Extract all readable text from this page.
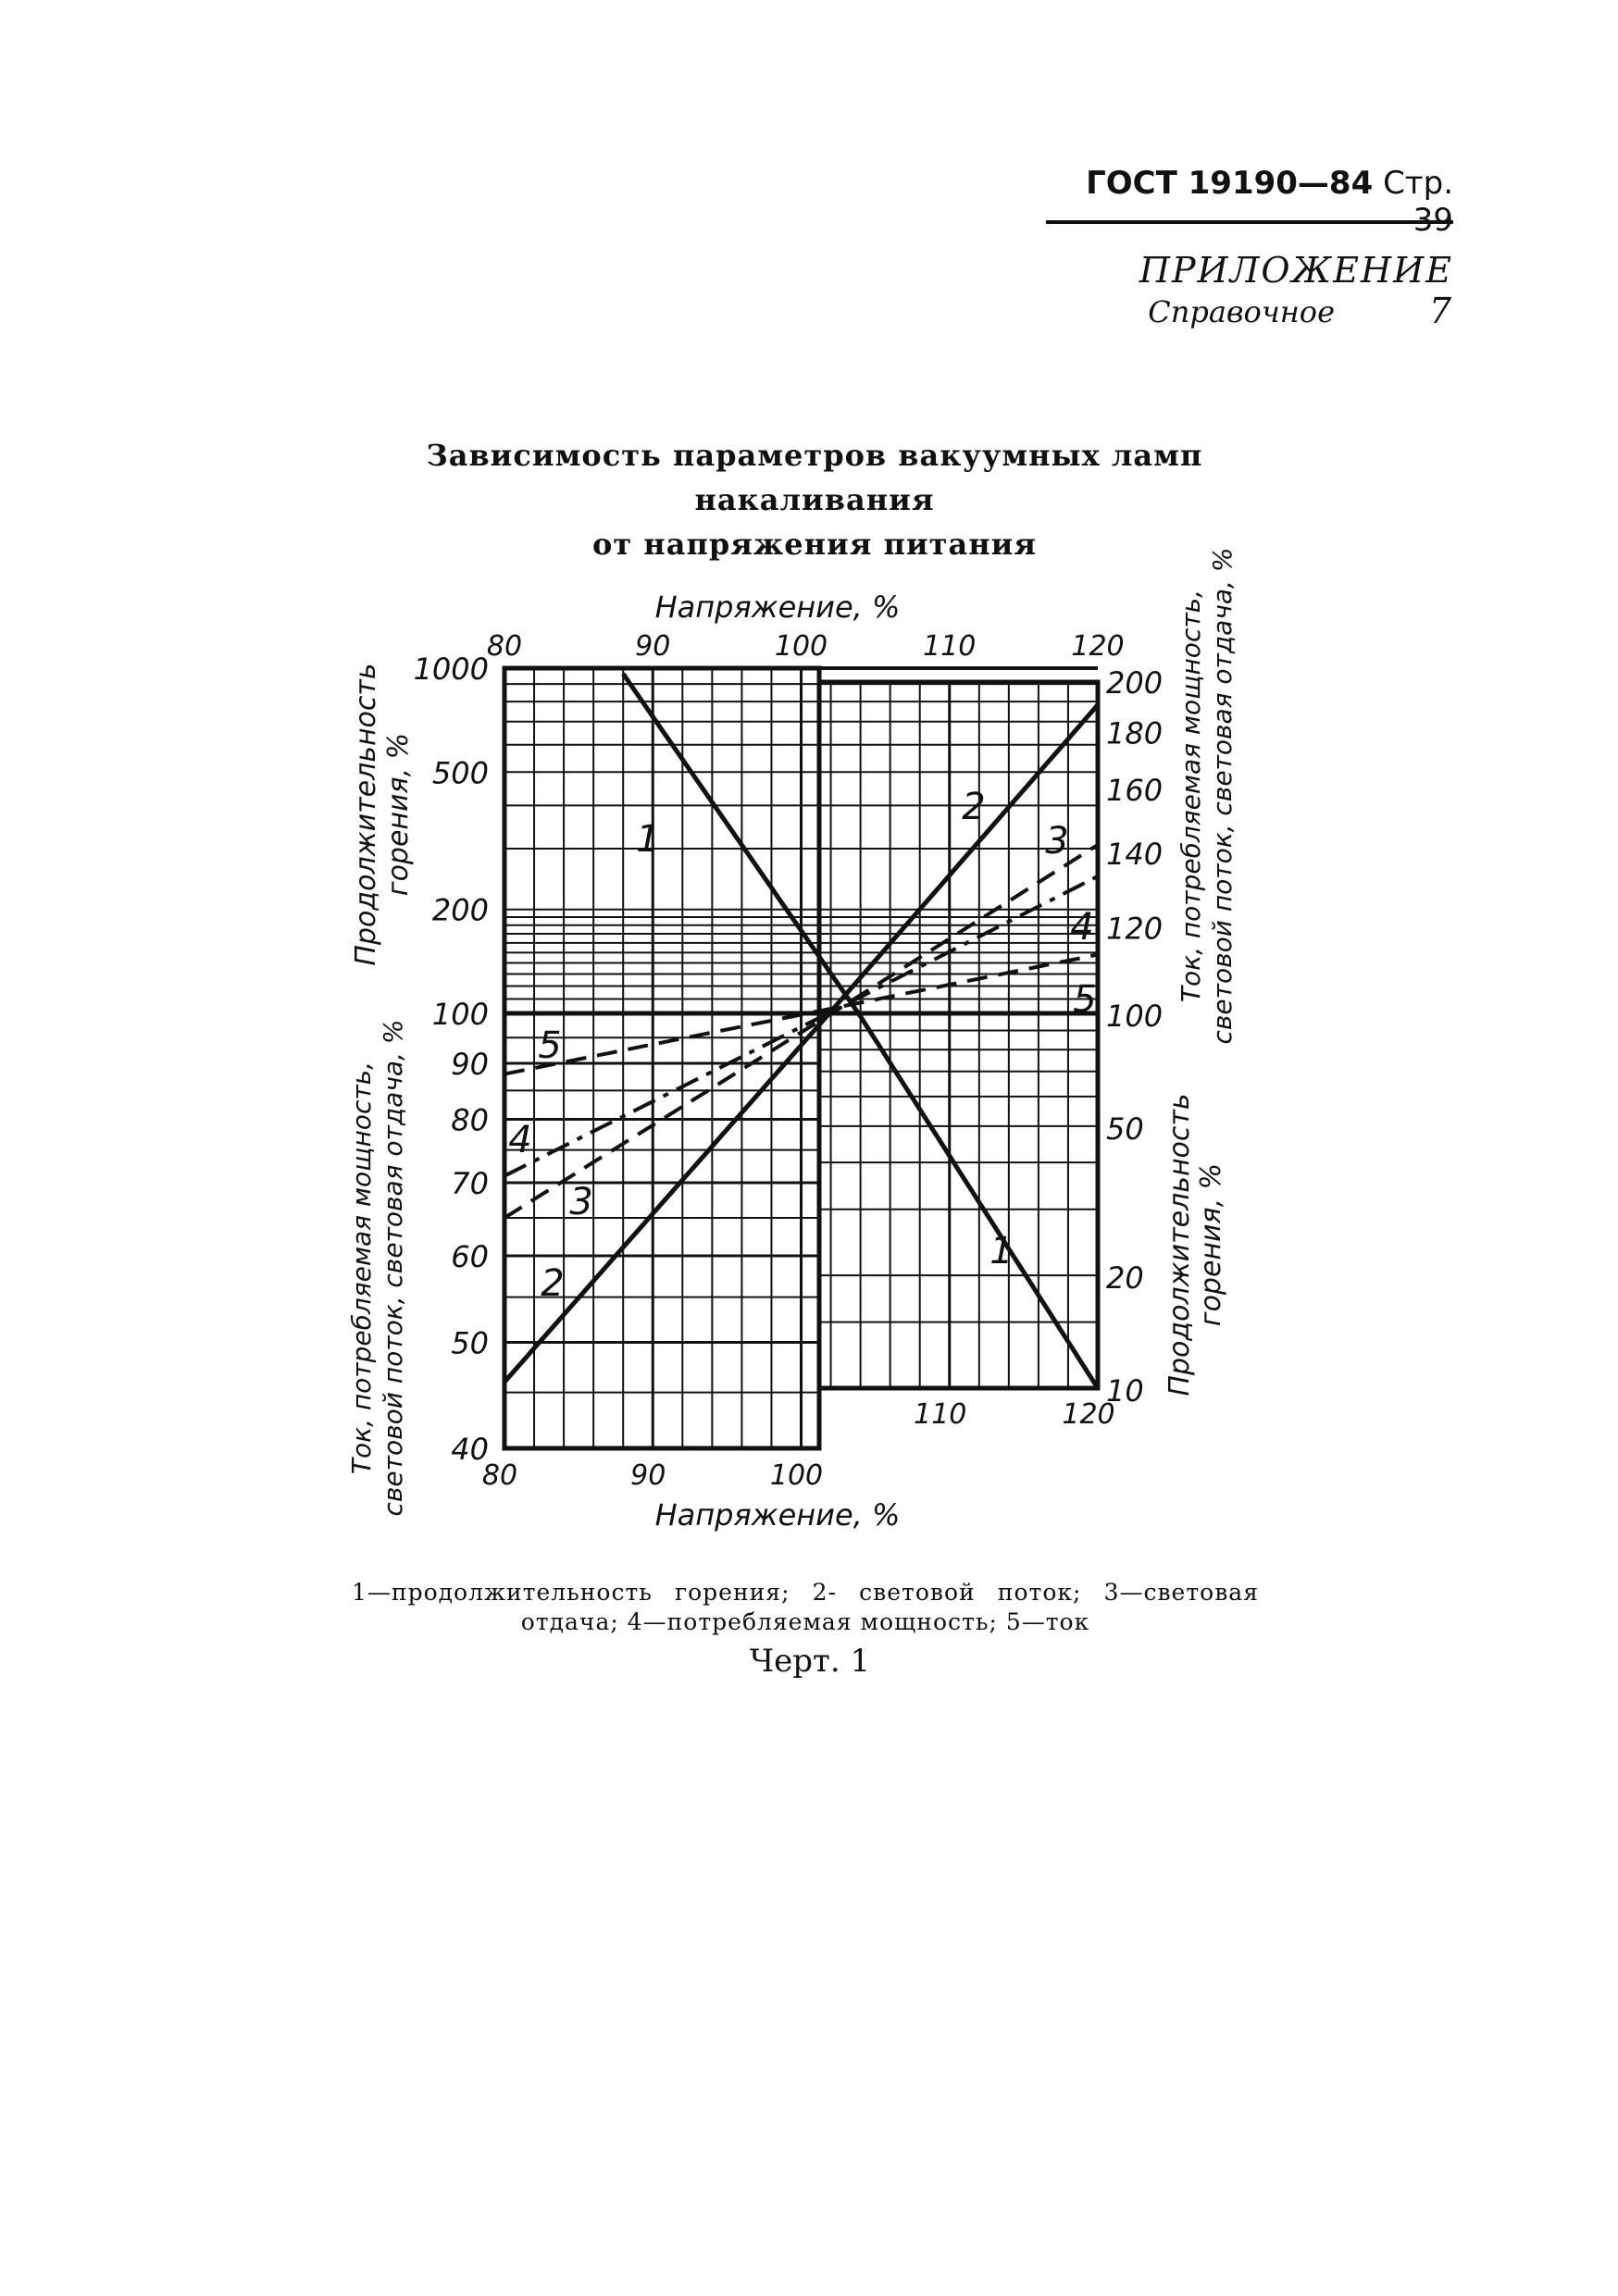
ГОСТ 19190—84 Стр. 39
ПРИЛОЖЕНИЕ 7
Справочное
Зависимость параметров вакуумных ламп накаливания
от напряжения питания
1
1
2
2
3
3
4
4
5
5
80	90	100	110	120
80	90	100
110	120
1000
500
200
100
90
80
70
60
50
40
200
180
160
140
120
100
50
20
10
Напряжение, %
Напряжение, %
Продолжительность горения, %
Ток, потребляемая мощность, световой поток, световая отдача, %
Ток, потребляемая мощность, световой поток, световая отдача, %
Продолжительность горения, %
1—продолжительность горения; 2- световой поток; 3—световая отдача; 4—потребляемая мощность; 5—ток
Черт. 1
